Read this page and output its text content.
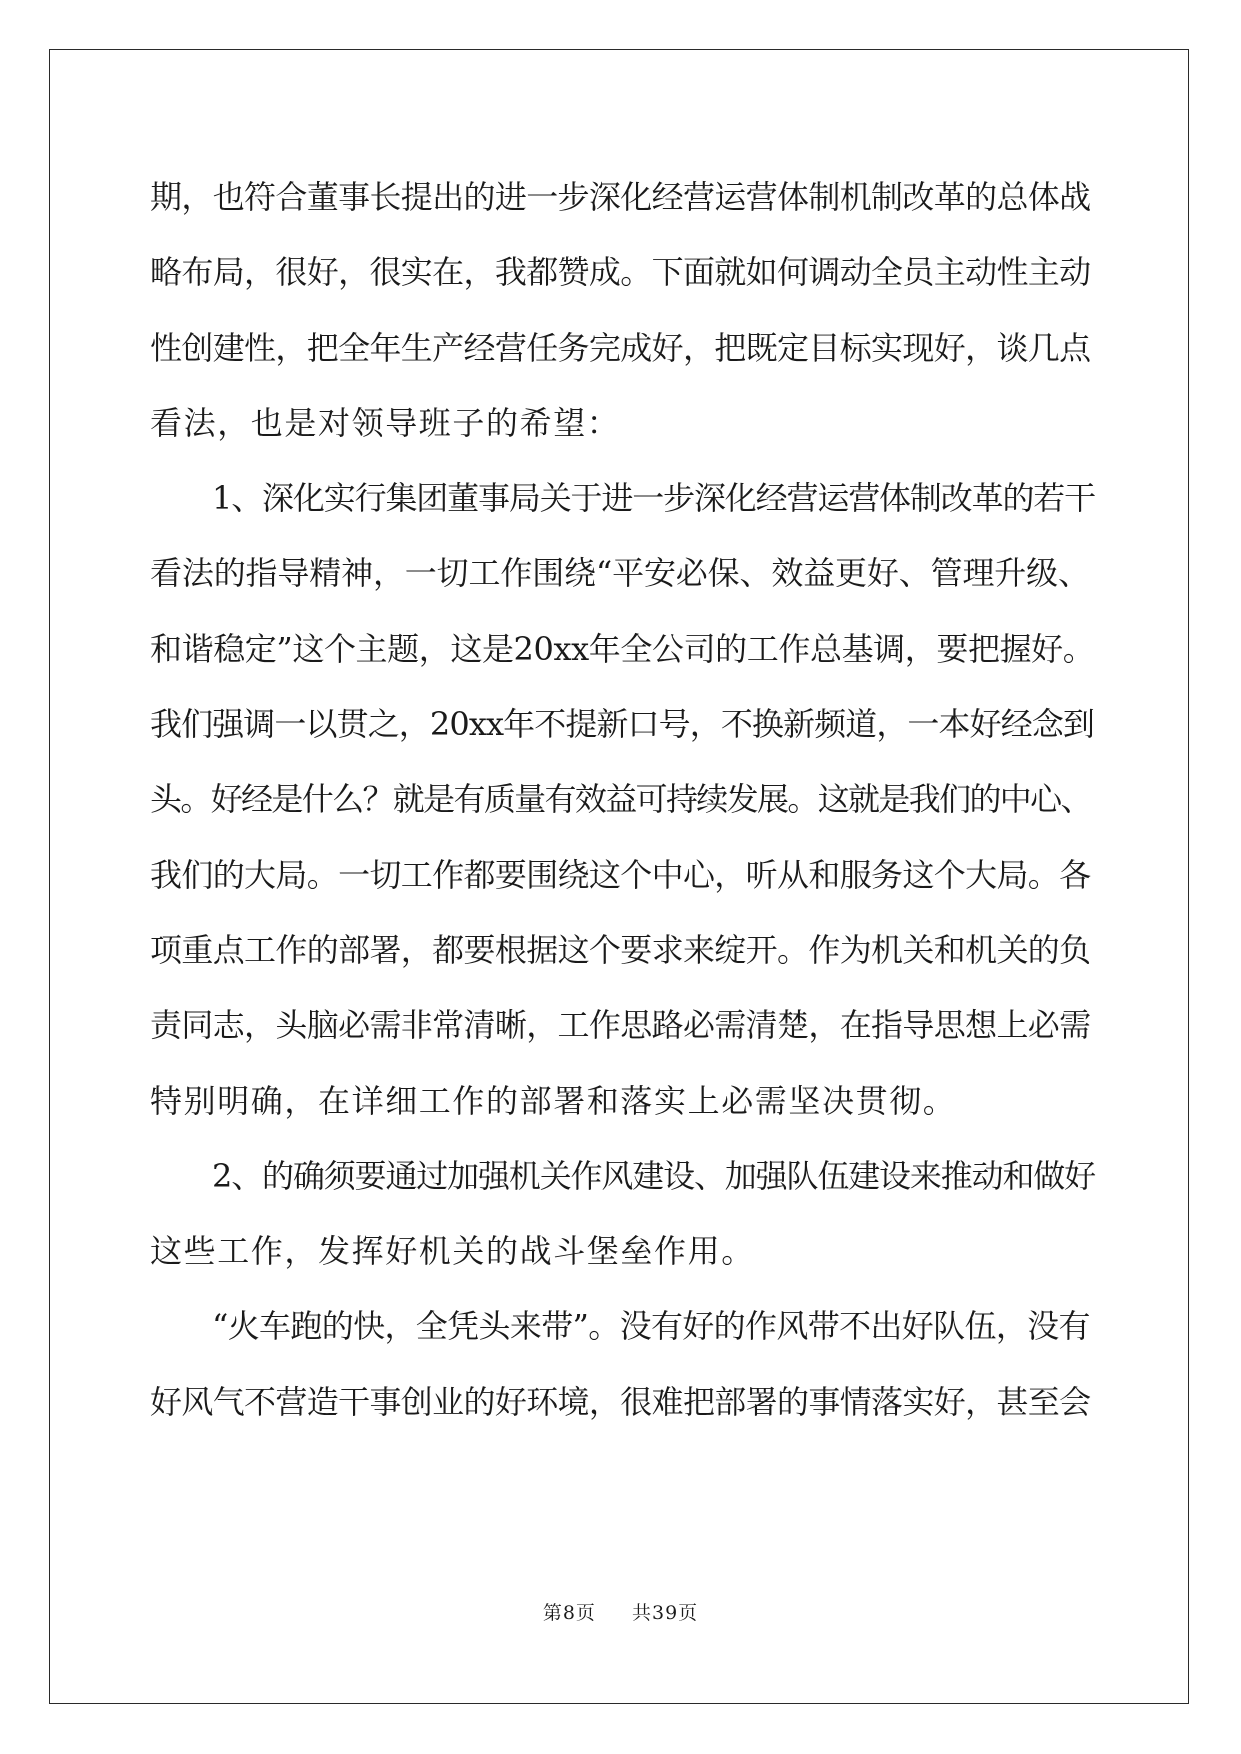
期，也符合董事长提出的进一步深化经营运营体制机制改革的总体战
略布局，很好，很实在，我都赞成。下面就如何调动全员主动性主动
性创建性，把全年生产经营任务完成好，把既定目标实现好，谈几点
看法，也是对领导班子的希望：
1、深化实行集团董事局关于进一步深化经营运营体制改革的若干
看法的指导精神，一切工作围绕“平安必保、效益更好、管理升级、
和谐稳定”这个主题，这是20xx年全公司的工作总基调，要把握好。
我们强调一以贯之，20xx年不提新口号，不换新频道，一本好经念到
头。好经是什么？就是有质量有效益可持续发展。这就是我们的中心、
我们的大局。一切工作都要围绕这个中心，听从和服务这个大局。各
项重点工作的部署，都要根据这个要求来绽开。作为机关和机关的负
责同志，头脑必需非常清晰，工作思路必需清楚，在指导思想上必需
特别明确，在详细工作的部署和落实上必需坚决贯彻。
2、的确须要通过加强机关作风建设、加强队伍建设来推动和做好
这些工作，发挥好机关的战斗堡垒作用。
“火车跑的快，全凭头来带”。没有好的作风带不出好队伍，没有
好风气不营造干事创业的好环境，很难把部署的事情落实好，甚至会
第8页 共39页
